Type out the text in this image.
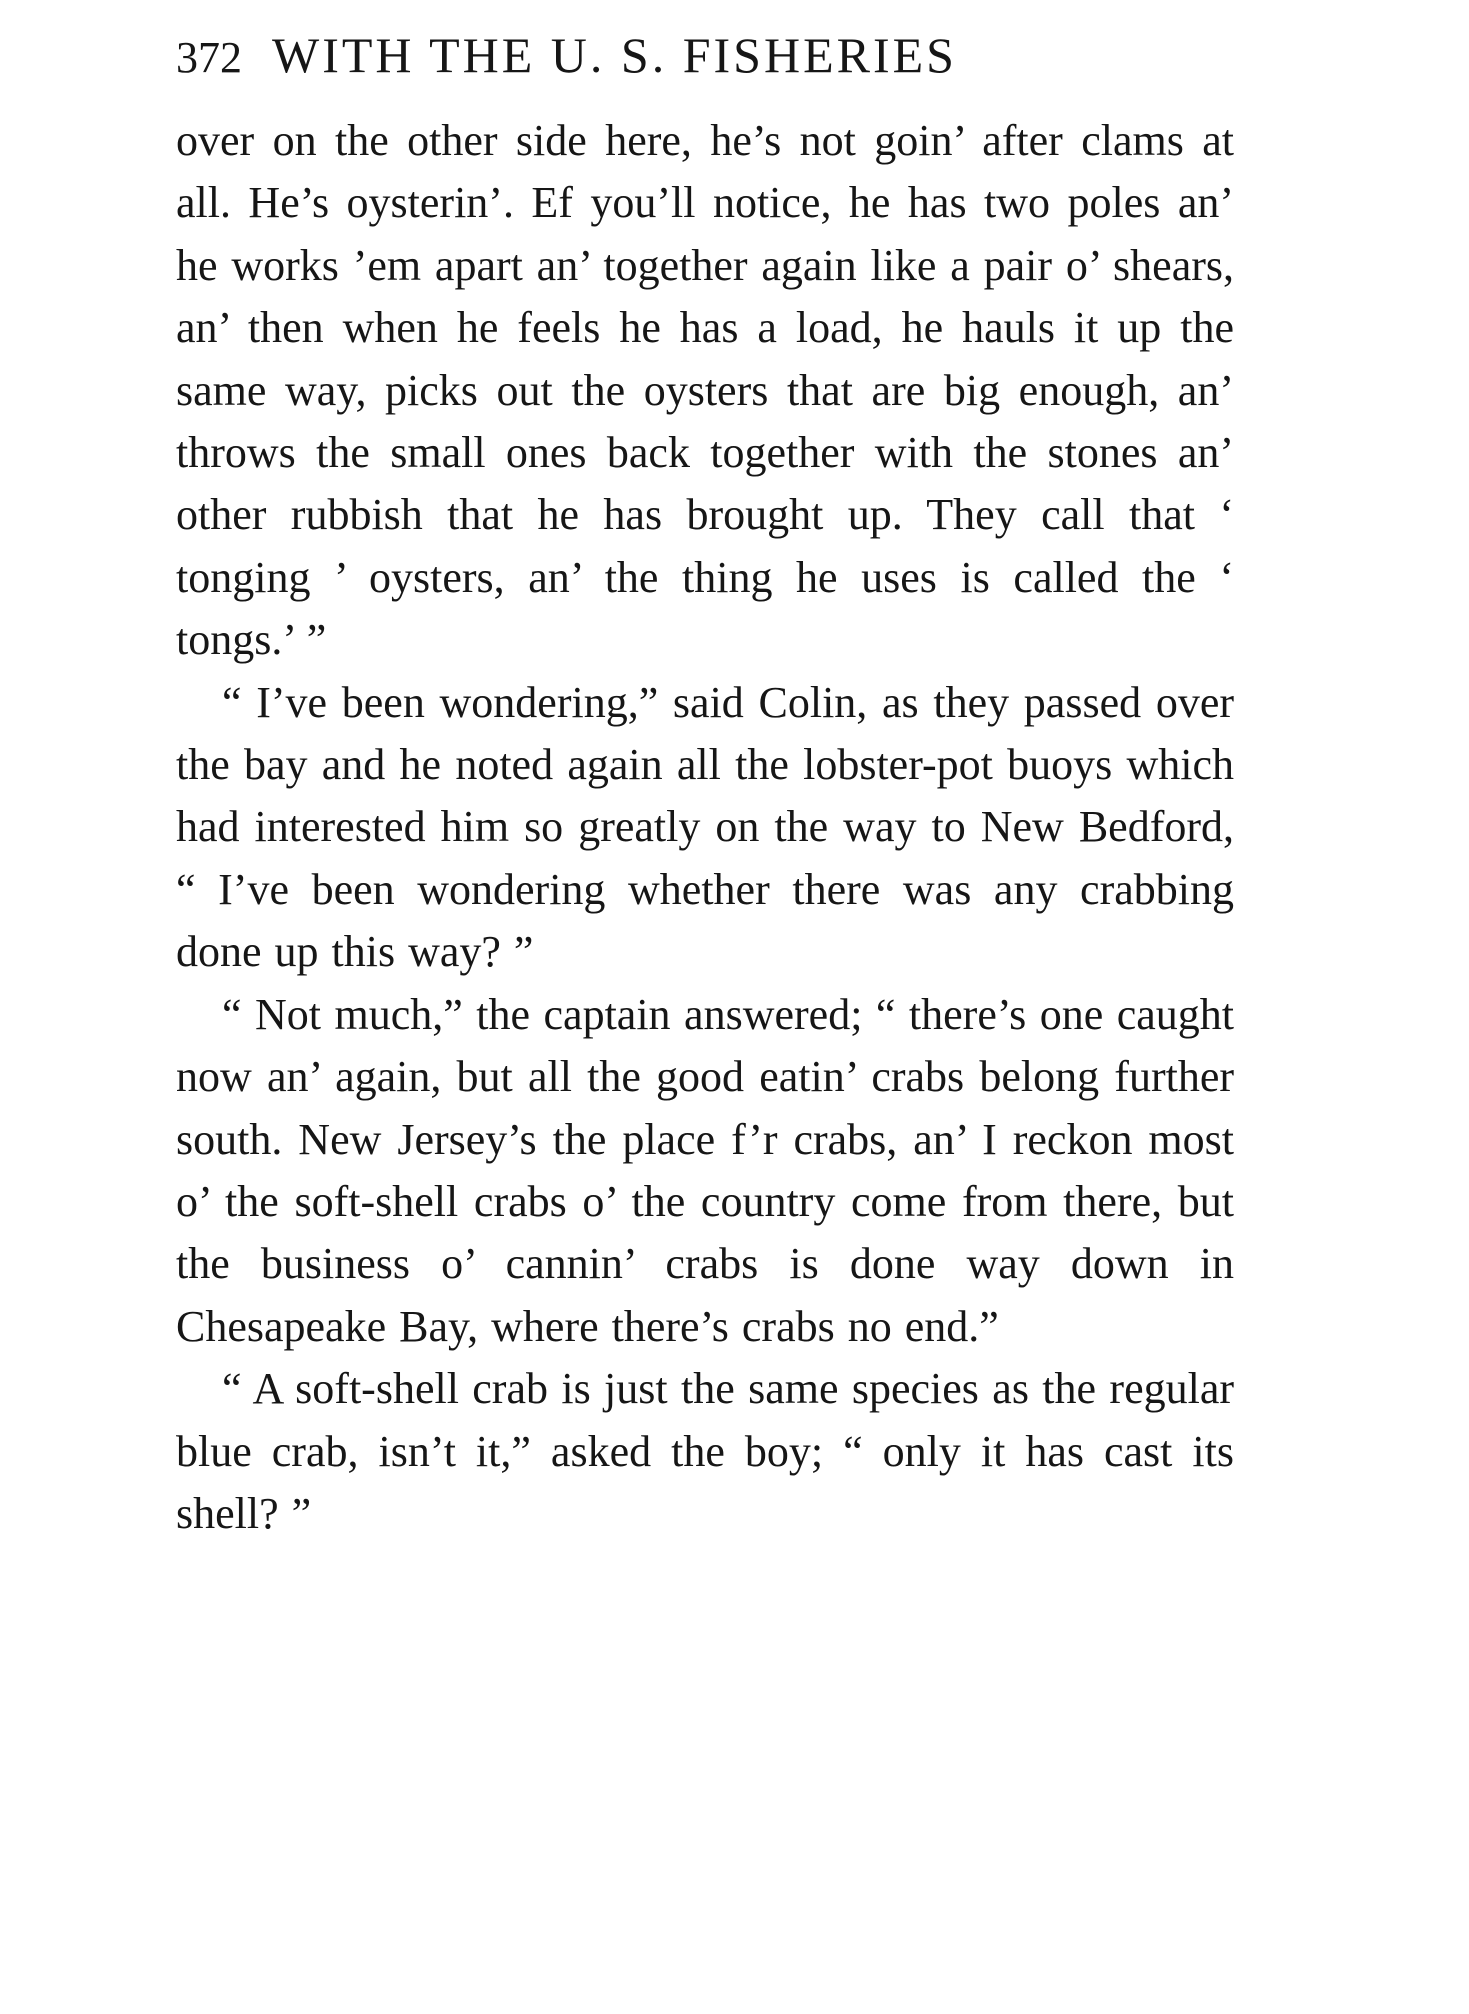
372 WITH THE U. S. FISHERIES

over on the other side here, he’s not goin’ after clams at all. He’s oysterin’. Ef you’ll notice, he has two poles an’ he works ’em apart an’ together again like a pair o’ shears, an’ then when he feels he has a load, he hauls it up the same way, picks out the oysters that are big enough, an’ throws the small ones back together with the stones an’ other rubbish that he has brought up. They call that ‘ tonging ’ oysters, an’ the thing he uses is called the ‘ tongs.’ ”

“ I’ve been wondering,” said Colin, as they passed over the bay and he noted again all the lobster-pot buoys which had interested him so greatly on the way to New Bedford, “ I’ve been wondering whether there was any crabbing done up this way? ”

“ Not much,” the captain answered; “ there’s one caught now an’ again, but all the good eatin’ crabs belong further south. New Jersey’s the place f’r crabs, an’ I reckon most o’ the soft-shell crabs o’ the country come from there, but the business o’ cannin’ crabs is done way down in Chesapeake Bay, where there’s crabs no end.”

“ A soft-shell crab is just the same species as the regular blue crab, isn’t it,” asked the boy; “ only it has cast its shell? ”
